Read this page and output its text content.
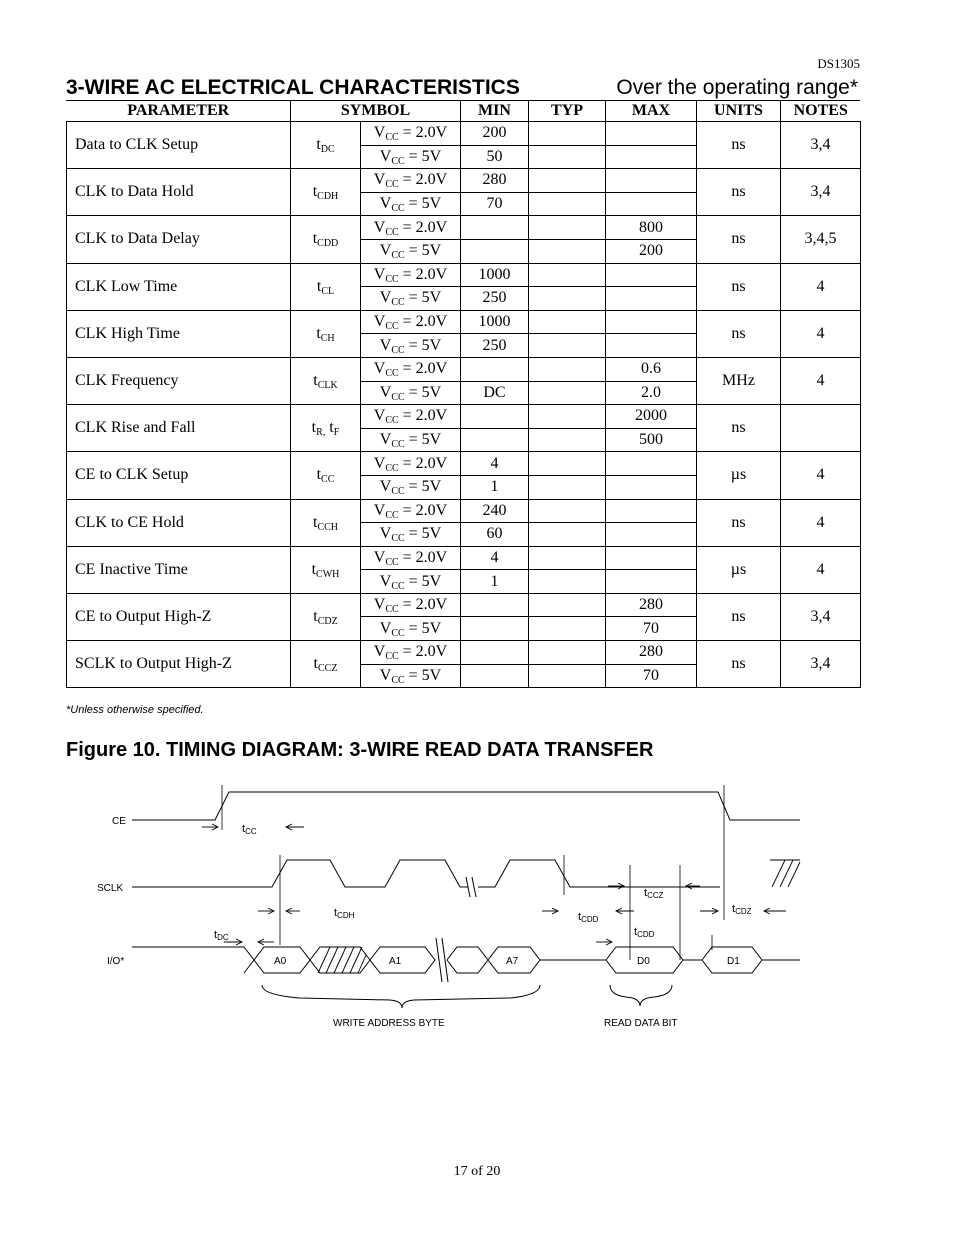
DS1305
3-WIRE AC ELECTRICAL CHARACTERISTICS	Over the operating range*
PARAMETER	SYMBOL		MIN	TYP	MAX	UNITS	NOTES
Data to CLK Setup	$t_{DC}$	$V_{CC} = 2.0V$	200			ns	3,4
		$V_{CC} = 5V$	50				
CLK to Data Hold	$t_{CDH}$	$V_{CC} = 2.0V$	280			ns	3,4
		$V_{CC} = 5V$	70				
CLK to Data Delay	$t_{CDD}$	$V_{CC} = 2.0V$			800	ns	3,4,5
		$V_{CC} = 5V$			200		
CLK Low Time	$t_{CL}$	$V_{CC} = 2.0V$	1000			ns	4
		$V_{CC} = 5V$	250				
CLK High Time	$t_{CH}$	$V_{CC} = 2.0V$	1000			ns	4
		$V_{CC} = 5V$	250				
CLK Frequency	$t_{CLK}$	$V_{CC} = 2.0V$			0.6	MHz	4
		$V_{CC} = 5V$	DC		2.0		
CLK Rise and Fall	$t_{R,}$ $t_F$	$V_{CC} = 2.0V$			2000	ns	
		$V_{CC} = 5V$			500		
CE to CLK Setup	$t_{CC}$	$V_{CC} = 2.0V$	4			µs	4
		$V_{CC} = 5V$	1				
CLK to CE Hold	$t_{CCH}$	$V_{CC} = 2.0V$	240			ns	4
		$V_{CC} = 5V$	60				
CE Inactive Time	$t_{CWH}$	$V_{CC} = 2.0V$	4			µs	4
		$V_{CC} = 5V$	1				
CE to Output High-Z	$t_{CDZ}$	$V_{CC} = 2.0V$			280	ns	3,4
		$V_{CC} = 5V$			70		
SCLK to Output High-Z	$t_{CCZ}$	$V_{CC} = 2.0V$			280	ns	3,4
		$V_{CC} = 5V$			70		
*Unless otherwise specified.
Figure 10. TIMING DIAGRAM: 3-WIRE READ DATA TRANSFER
CE
SCLK
I/O*
tCC
tCDH
tDC
tCDD
tCCZ
tCDD
tCDZ
A0	A1	A7	D0	D1
WRITE ADDRESS BYTE	READ DATA BIT
17 of 20
